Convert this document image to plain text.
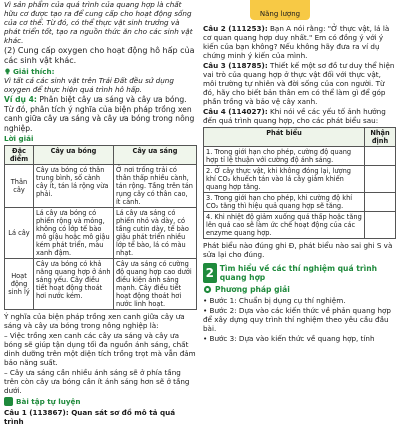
Vì sản phẩm của quá trình của quang hợp là chất hữu cơ được tạo ra để cung cấp cho hoạt động sống của cơ thể. Từ đó, có thể thực vật sinh trưởng và phát triển tốt, tạo ra nguồn thức ăn cho các sinh vật khác.

(2) Cung cấp oxygen cho hoạt động hô hấp của các sinh vật khác.

Giải thích:

Vì tất cả các sinh vật trên Trái Đất đều sử dụng oxygen để thực hiện quá trình hô hấp.

Ví dụ 4: Phân biệt cây ưa sáng và cây ưa bóng. Từ đó, phân tích ý nghĩa của biện pháp trồng xen canh giữa cây ưa sáng và cây ưa bóng trong nông nghiệp.

Lời giải

Đặc điểm	Cây ưa bóng	Cây ưa sáng
Thân cây	Cây ưa bóng có thân trung bình, số cành cây ít, tán lá rộng vừa phải.	Ở nơi trống trải có thân thấp nhiều cành, tán rộng. Tầng trên tán rụng cây có thân cao, ít cành.
Lá cây	Lá cây ưa bóng có phiến rộng và mỏng, không có lớp tế bào mô giậu hoặc mô giậu kém phát triển, màu xanh đậm.	Lá cây ưa sáng có phiến nhỏ và dày, có tầng cutin dày, tế bào giậu phát triển nhiều lớp tế bào, lá có màu nhạt.
Hoạt động sinh lý	Cây ưa bóng có khả năng quang hợp ở ánh sáng yếu. Cây điều tiết hoạt động thoát hơi nước kém.	Cây ưa sáng có cường độ quang hợp cao dưới điều kiện ánh sáng mạnh. Cây điều tiết hoạt động thoát hơi nước linh hoạt.

Ý nghĩa của biện pháp trồng xen canh giữa cây ưa sáng và cây ưa bóng trong nông nghiệp là:

– Việc trồng xen canh các cây ưa sáng và cây ưa bóng sẽ giúp tận dụng tối đa nguồn ánh sáng, chất dinh dưỡng trên một diện tích trồng trọt mà vẫn đảm bảo năng suất.

– Cây ưa sáng cần nhiều ánh sáng sẽ ở phía tầng trên còn cây ưa bóng cần ít ánh sáng hơn sẽ ở tầng dưới.

Bài tập tự luyện

Câu 1 (113867): Quan sát sơ đồ mô tả quá trình

Năng lượng

Câu 2 (111253): Bạn A nói rằng: "Ở thực vật, lá là cơ quan quang hợp duy nhất." Em có đồng ý với ý kiến của bạn không? Nếu không hãy đưa ra ví dụ chứng minh ý kiến của mình.

Câu 3 (118785): Thiết kế một sơ đồ tư duy thể hiện vai trò của quang hợp ở thực vật đối với thực vật, môi trường tự nhiên và đời sống của con người. Từ đó, hãy cho biết bản thân em có thể làm gì để góp phần trồng và bảo vệ cây xanh.

Câu 4 (114027): Khi nói về các yếu tố ảnh hưởng đến quá trình quang hợp, cho các phát biểu sau:

Phát biểu	Nhận định
1. Trong giới hạn cho phép, cường độ quang hợp tỉ lệ thuận với cường độ ánh sáng.	
2. Ở cây thực vật, khi không đóng lại, lượng khí CO₂ khuếch tán vào lá cây giảm khiến quang hợp tăng.	
3. Trong giới hạn cho phép, khi cường độ khí CO₂ tăng thì hiệu quả quang hợp sẽ tăng.	
4. Khi nhiệt độ giảm xuống quá thấp hoặc tăng lên quá cao sẽ làm ức chế hoạt động của các enzyme quang hợp.	

Phát biểu nào đúng ghi Đ, phát biểu nào sai ghi S và sửa lại cho đúng.

2 Tìm hiểu về các thí nghiệm quá trình quang hợp
Phương pháp giải

• Bước 1: Chuẩn bị dụng cụ thí nghiệm.

• Bước 2: Dựa vào các kiến thức về phản quang hợp để xây dựng quy trình thí nghiệm theo yêu cầu đầu bài.

• Bước 3: Dựa vào kiến thức về quang hợp, tính
